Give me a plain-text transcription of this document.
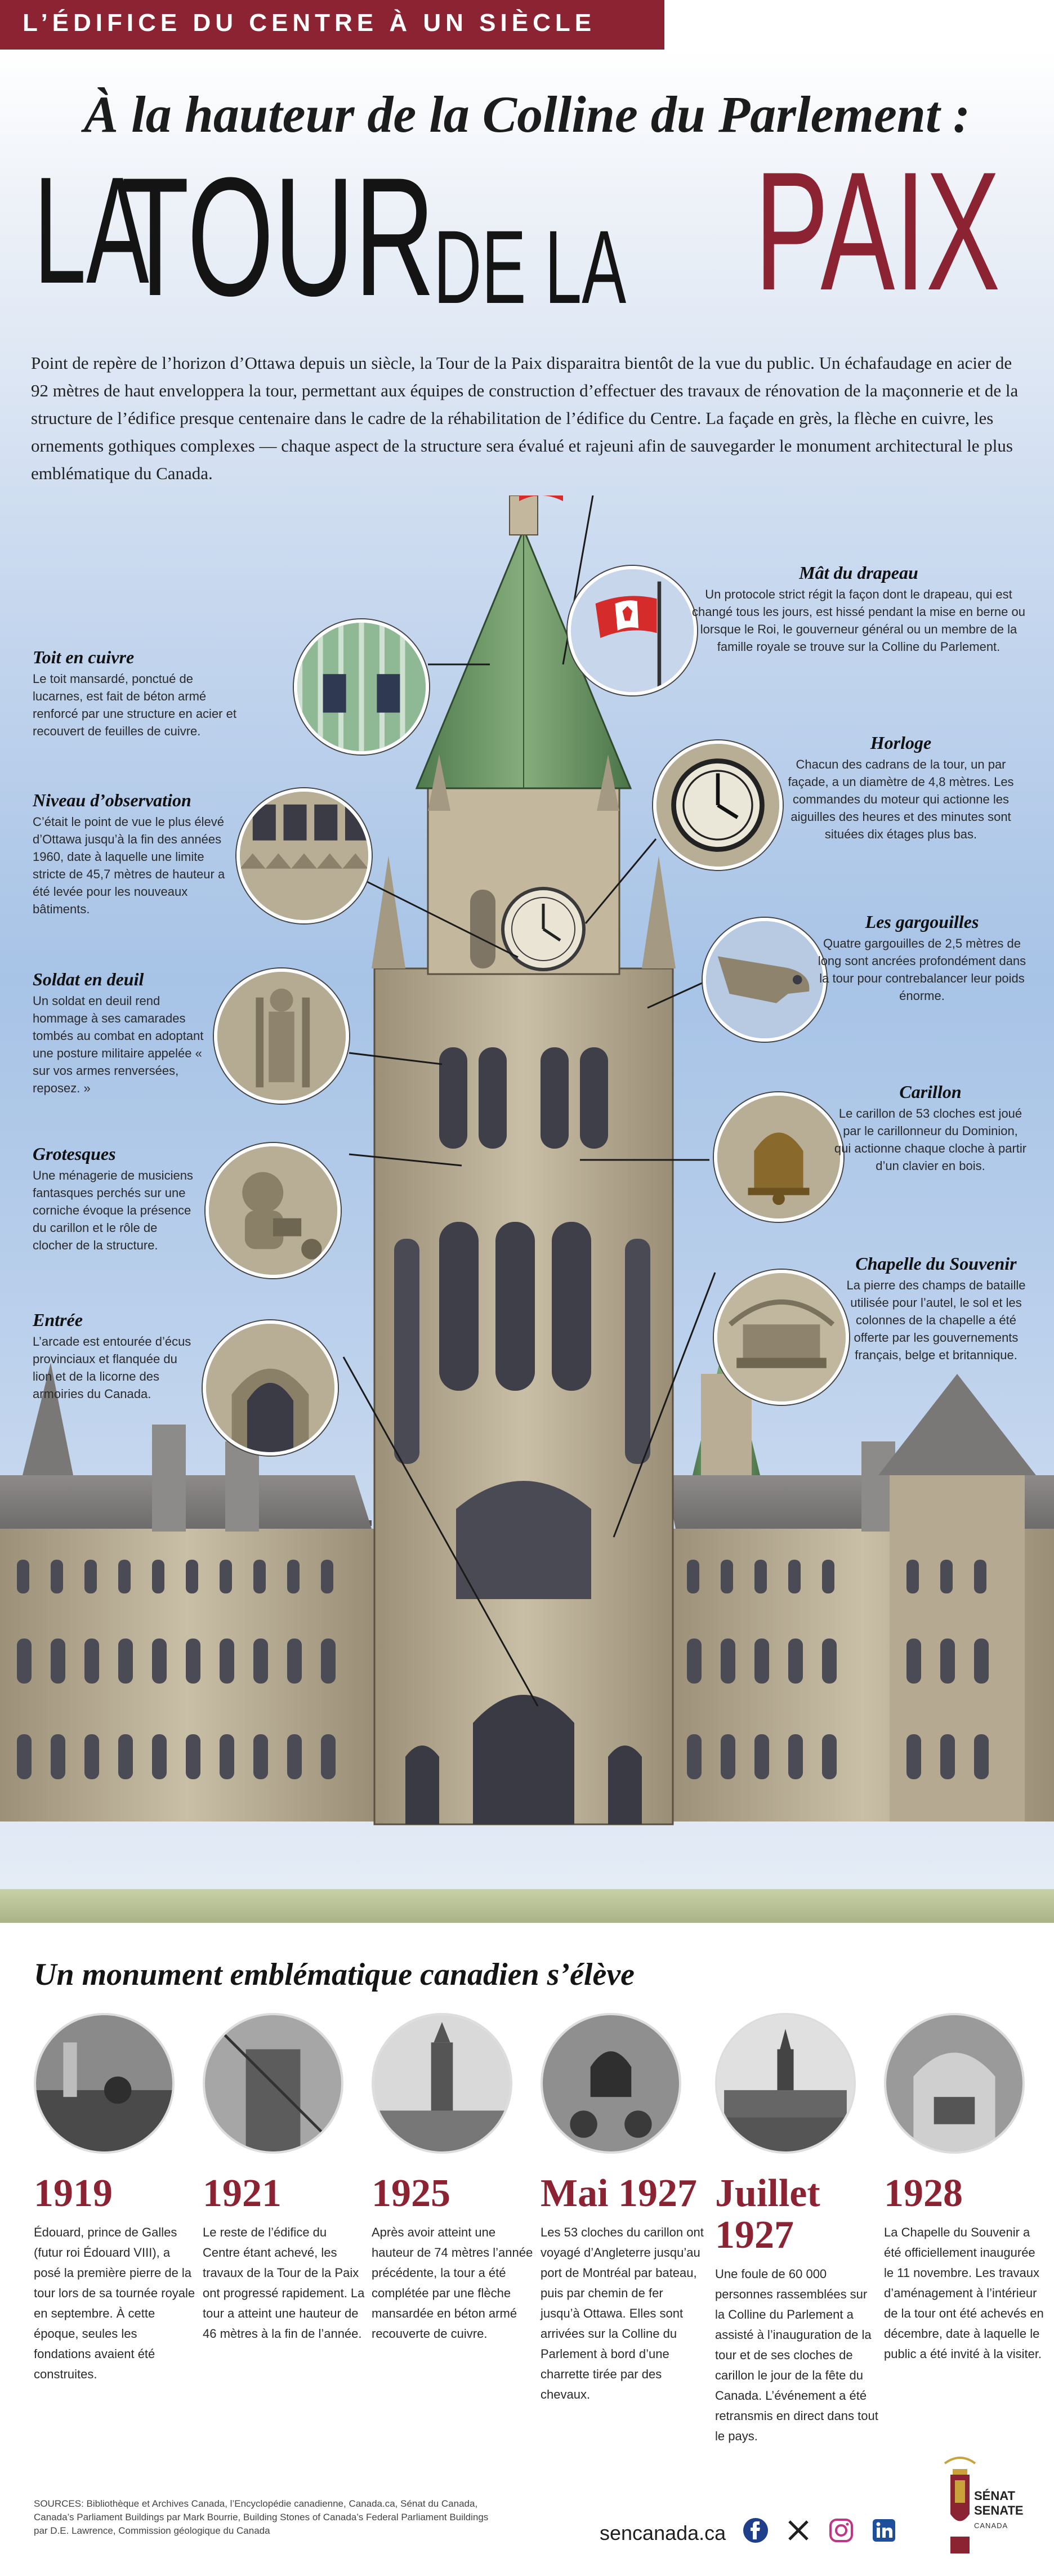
L’ÉDIFICE DU CENTRE À UN SIÈCLE
À la hauteur de la Colline du Parlement :
LA
TOUR
DE LA PAIX

Point de repère de l’horizon d’Ottawa depuis un siècle, la Tour de la Paix disparaitra bientôt de la vue du public. Un échafaudage en acier de 92 mètres de haut enveloppera la tour, permettant aux équipes de construction d’effectuer des travaux de rénovation de la maçonnerie et de la structure de l’édifice presque centenaire dans le cadre de la réhabilitation de l’édifice du Centre. La façade en grès, la flèche en cuivre, les ornements gothiques complexes — chaque aspect de la structure sera évalué et rajeuni afin de sauvegarder le monument architectural le plus emblématique du Canada.

Toit en cuivre

Le toit mansardé, ponctué de lucarnes, est fait de béton armé renforcé par une structure en acier et recouvert de feuilles de cuivre.

Niveau d’observation

C’était le point de vue le plus élevé d’Ottawa jusqu’à la fin des années 1960, date à laquelle une limite stricte de 45,7 mètres de hauteur a été levée pour les nouveaux bâtiments.

Soldat en deuil

Un soldat en deuil rend hommage à ses camarades tombés au combat en adoptant une posture militaire appelée « sur vos armes renversées, reposez. »

Grotesques

Une ménagerie de musiciens fantasques perchés sur une corniche évoque la présence du carillon et le rôle de clocher de la structure.

Entrée

L’arcade est entourée d’écus provinciaux et flanquée du lion et de la licorne des armoiries du Canada.

Mât du drapeau

Un protocole strict régit la façon dont le drapeau, qui est changé tous les jours, est hissé pendant la mise en berne ou lorsque le Roi, le gouverneur général ou un membre de la famille royale se trouve sur la Colline du Parlement.

Horloge

Chacun des cadrans de la tour, un par façade, a un diamètre de 4,8 mètres. Les commandes du moteur qui actionne les aiguilles des heures et des minutes sont situées dix étages plus bas.

Les gargouilles

Quatre gargouilles de 2,5 mètres de long sont ancrées profondément dans la tour pour contrebalancer leur poids énorme.

Carillon

Le carillon de 53 cloches est joué par le carillonneur du Dominion, qui actionne chaque cloche à partir d’un clavier en bois.

Chapelle du Souvenir

La pierre des champs de bataille utilisée pour l’autel, le sol et les colonnes de la chapelle a été offerte par les gouvernements français, belge et britannique.

Un monument emblématique canadien s’élève
1919

Édouard, prince de Galles (futur roi Édouard VIII), a posé la première pierre de la tour lors de sa tournée royale en septembre. À cette époque, seules les fondations avaient été construites.

1921

Le reste de l’édifice du Centre étant achevé, les travaux de la Tour de la Paix ont progressé rapidement. La tour a atteint une hauteur de 46 mètres à la fin de l’année.

1925

Après avoir atteint une hauteur de 74 mètres l’année précédente, la tour a été complétée par une flèche mansardée en béton armé recouverte de cuivre.

Mai 1927

Les 53 cloches du carillon ont voyagé d’Angleterre jusqu’au port de Montréal par bateau, puis par chemin de fer jusqu’à Ottawa. Elles sont arrivées sur la Colline du Parlement à bord d’une charrette tirée par des chevaux.

Juillet 1927

Une foule de 60 000 personnes rassemblées sur la Colline du Parlement a assisté à l’inauguration de la tour et de ses cloches de carillon le jour de la fête du Canada. L’événement a été retransmis en direct dans tout le pays.

1928

La Chapelle du Souvenir a été officiellement inaugurée le 11 novembre. Les travaux d’aménagement à l’intérieur de la tour ont été achevés en décembre, date à laquelle le public a été invité à la visiter.

SOURCES: Bibliothèque et Archives Canada, l’Encyclopédie canadienne, Canada.ca, Sénat du Canada, Canada’s Parliament Buildings par Mark Bourrie, Building Stones of Canada’s Federal Parliament Buildings par D.E. Lawrence, Commission géologique du Canada	sencanada.ca
SÉNAT
SENATE
CANADA
